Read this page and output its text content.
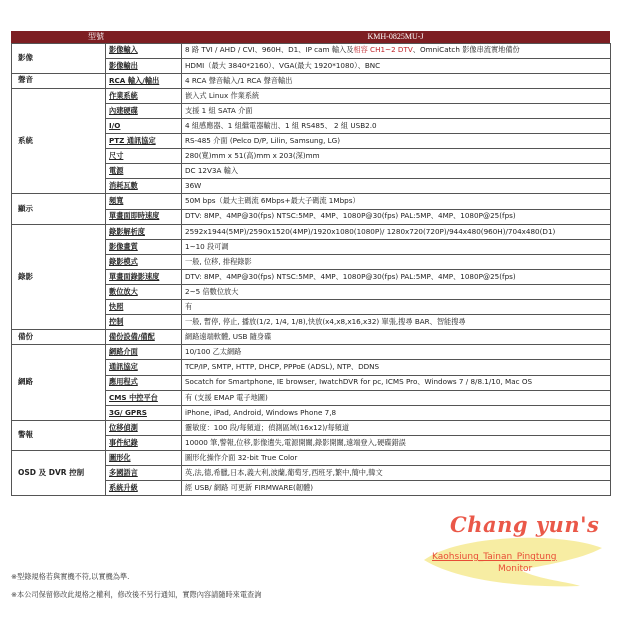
型號	KMH-0825MU-J

影像	影像輸入	8 路 TVI / AHD / CVI、960H、D1、IP cam 輸入及相容 CH1~2 DTV、OmniCatch 影像串流實地備份
	影像輸出	HDMI（最大 3840*2160）、VGA(最大 1920*1080）、BNC
聲音	RCA 輸入/輸出	4 RCA 聲音輸入/1 RCA 聲音輸出
系統	作業系統	嵌入式 Linux 作業系統
	內建硬碟	支援 1 組 SATA 介面
	I/O	4 組感應器、1 組繼電器輸出、1 組 RS485、 2 組 USB2.0
	PTZ 通訊協定	RS-485 介面 (Pelco D/P, Lilin, Samsung, LG)
	尺寸	280(寬)mm x 51(高)mm x 203(深)mm
	電源	DC 12V3A 輸入
	消耗瓦數	36W
顯示	頻寬	50M bps（最大主碼流 6Mbps+最大子碼流 1Mbps）
	單畫面即時速度	DTV: 8MP、4MP@30(fps) NTSC:5MP、4MP、1080P@30(fps) PAL:5MP、4MP、1080P@25(fps)
錄影	錄影解析度	2592x1944(5MP)/2590x1520(4MP)/1920x1080(1080P)/ 1280x720(720P)/944x480(960H)/704x480(D1)
	影像畫質	1~10 段可調
	錄影模式	一般, 位移, 排程錄影
	單畫面錄影速度	DTV: 8MP、4MP@30(fps) NTSC:5MP、4MP、1080P@30(fps) PAL:5MP、4MP、1080P@25(fps)
	數位放大	2~5 倍數位放大
	快照	有
	控制	一般, 暫停, 停止, 播放(1/2, 1/4, 1/8),快放(x4,x8,x16,x32) 單張,搜尋 BAR、智能搜尋
備份	備份設備/備配	網路遠端軟體, USB 隨身碟
網路	網路介面	10/100 乙太網路
	通訊協定	TCP/IP, SMTP, HTTP, DHCP, PPPoE (ADSL), NTP、DDNS
	應用程式	Socatch for Smartphone, IE browser, IwatchDVR for pc, ICMS Pro、Windows 7 / 8/8.1/10, Mac OS
	CMS 中控平台	有 (支援 EMAP 電子地圖)
	3G/ GPRS	iPhone, iPad, Android, Windows Phone 7,8
警報	位移偵測	靈敏度：100 段/每頻道；偵測區域(16x12)/每頻道
	事件紀錄	10000 筆,警報,位移,影像遺失,電源開關,錄影開關,遠端登入,硬碟錯誤
OSD 及 DVR 控制	圖形化	圖形化操作介面 32-bit True Color
	多國語言	英,法,德,希臘,日本,義大利,波蘭,葡萄牙,西班牙,繁中,簡中,韓文
	系統升級	經 USB/ 網路 可更新 FIRMWARE(韌體)
※型錄規格若與實機不符,以實機為準.
※本公司保留修改此規格之權利，修改後不另行通知，實際內容請隨時來電查詢
Chang yun's
Kaohsiung_Tainan_Pingtung
Monitor
